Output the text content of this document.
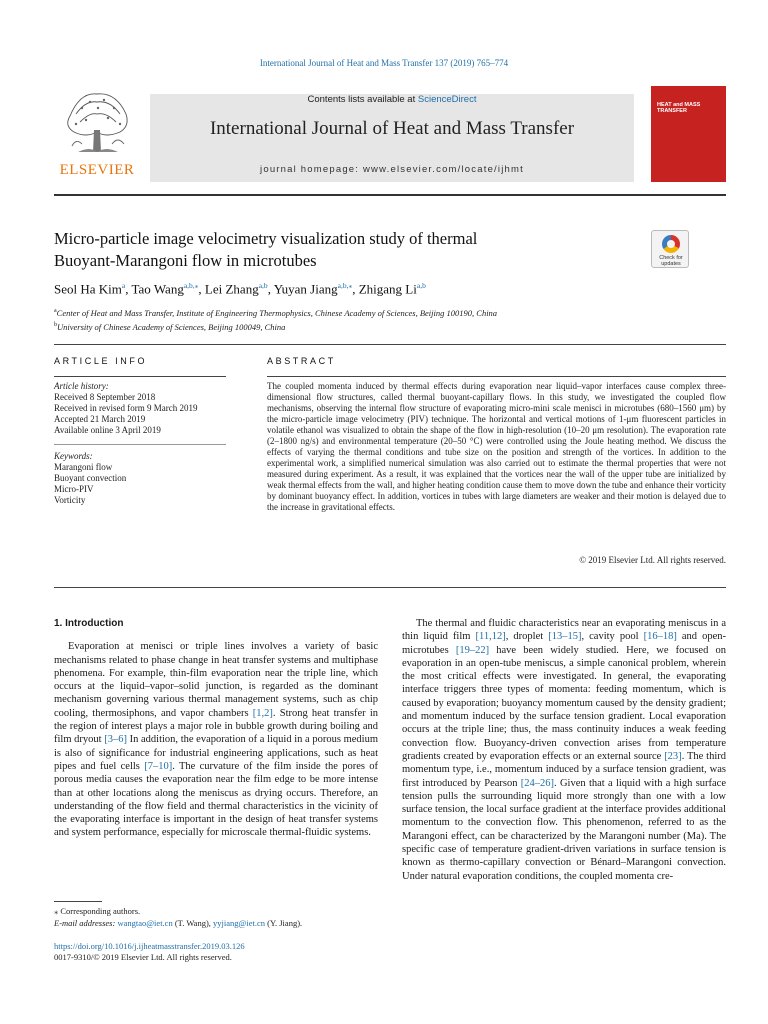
International Journal of Heat and Mass Transfer 137 (2019) 765–774
ELSEVIER
Contents lists available at ScienceDirect
International Journal of Heat and Mass Transfer
journal homepage: www.elsevier.com/locate/ijhmt
HEAT and MASS
TRANSFER
Micro-particle image velocimetry visualization study of thermal
Buoyant-Marangoni flow in microtubes	Check for
updates
Seol Ha Kim$^a$, Tao Wang$^{a,b,⁎}$, Lei Zhang$^{a,b}$, Yuyan Jiang$^{a,b,⁎}$, Zhigang Li$^{a,b}$
$^a$Center of Heat and Mass Transfer, Institute of Engineering Thermophysics, Chinese Academy of Sciences, Beijing 100190, China
$^b$University of Chinese Academy of Sciences, Beijing 100049, China
ARTICLE INFO	ABSTRACT
Article history:
Received 8 September 2018
Received in revised form 9 March 2019
Accepted 21 March 2019
Available online 3 April 2019
Keywords:
Marangoni flow
Buoyant convection
Micro-PIV
Vorticity
The coupled momenta induced by thermal effects during evaporation near liquid–vapor interfaces cause complex three-dimensional flow structures, called thermal buoyant-capillary flows. In this study, we investigated the coupled flow mechanisms, observing the internal flow structure of evaporating micro-mini scale menisci in microtubes (680–1560 μm) by the micro-particle image velocimetry (PIV) technique. The horizontal and vertical motions of 1-μm fluorescent particles in volatile ethanol was visualized to obtain the shape of the flow in high-resolution (10–20 μm resolution). The evaporation rate (2–1800 ng/s) and environmental temperature (20–50 °C) were controlled using the Joule heating method. We discuss the effects of varying the thermal conditions and tube size on the position and strength of the vortices. In addition to the experimental work, a simplified numerical simulation was also carried out to estimate the thermal properties that were not measured during experiment. As a result, it was explained that the vortices near the wall of the upper tube are initialized by weak thermal effects from the wall, and higher heating condition cause them to move down the tube and enhance their vorticity by dominant buoyancy effect. In addition, vortices in tubes with large diameters are weaker and their motion is delayed due to the increase in gravitational effects.
© 2019 Elsevier Ltd. All rights reserved.
1. Introduction
Evaporation at menisci or triple lines involves a variety of basic mechanisms related to phase change in heat transfer systems and multiphase phenomena. For example, thin-film evaporation near the triple line, which occurs at the liquid–vapor–solid junction, is regarded as the dominant mechanism governing various thermal management systems, such as chip cooling, thermosiphons, and vapor chambers [1,2]. Strong heat transfer in the region of interest plays a major role in bubble growth during boiling and film dryout [3–6] In addition, the evaporation of a liquid in a porous medium is also of significance for industrial engineering applications, such as heat pipes and fuel cells [7–10]. The curvature of the film inside the pores of porous media causes the evaporation near the film edge to be more intense than at other locations along the meniscus as drying occurs. Therefore, an understanding of the flow field and thermal characteristics in the vicinity of the evaporating interface is important in the design of heat transfer systems and system performance, especially for microscale thermal-fluidic systems.
The thermal and fluidic characteristics near an evaporating meniscus in a thin liquid film [11,12], droplet [13–15], cavity pool [16–18] and open-microtubes [19–22] have been widely studied. Here, we focused on evaporation in an open-tube meniscus, a simple canonical problem, wherein the most critical effects were investigated. In general, the evaporating interface triggers three types of momenta: feeding momentum, which is caused by evaporation; buoyancy momentum caused by the density gradient; and momentum induced by the surface tension gradient. Local evaporation occurs at the triple line; thus, the mass continuity induces a weak feeding convection flow. Buoyancy-driven convection arises from temperature gradients created by evaporation effects or an external source [23]. The third momentum type, i.e., momentum induced by a surface tension gradient, was first introduced by Pearson [24–26]. Given that a liquid with a high surface tension pulls the surrounding liquid more strongly than one with a low surface tension, the local surface gradient at the interface provides additional momentum to the convection flow. This phenomenon, referred to as the Marangoni effect, can be characterized by the Marangoni number (Ma). The specific case of temperature gradient-driven variations in surface tension is known as thermo-capillary convection or Bénard–Marangoni convection. Under natural evaporation conditions, the coupled momenta cre-
⁎ Corresponding authors.
E-mail addresses: wangtao@iet.cn (T. Wang), yyjiang@iet.cn (Y. Jiang).
https://doi.org/10.1016/j.ijheatmasstransfer.2019.03.126
0017-9310/© 2019 Elsevier Ltd. All rights reserved.
